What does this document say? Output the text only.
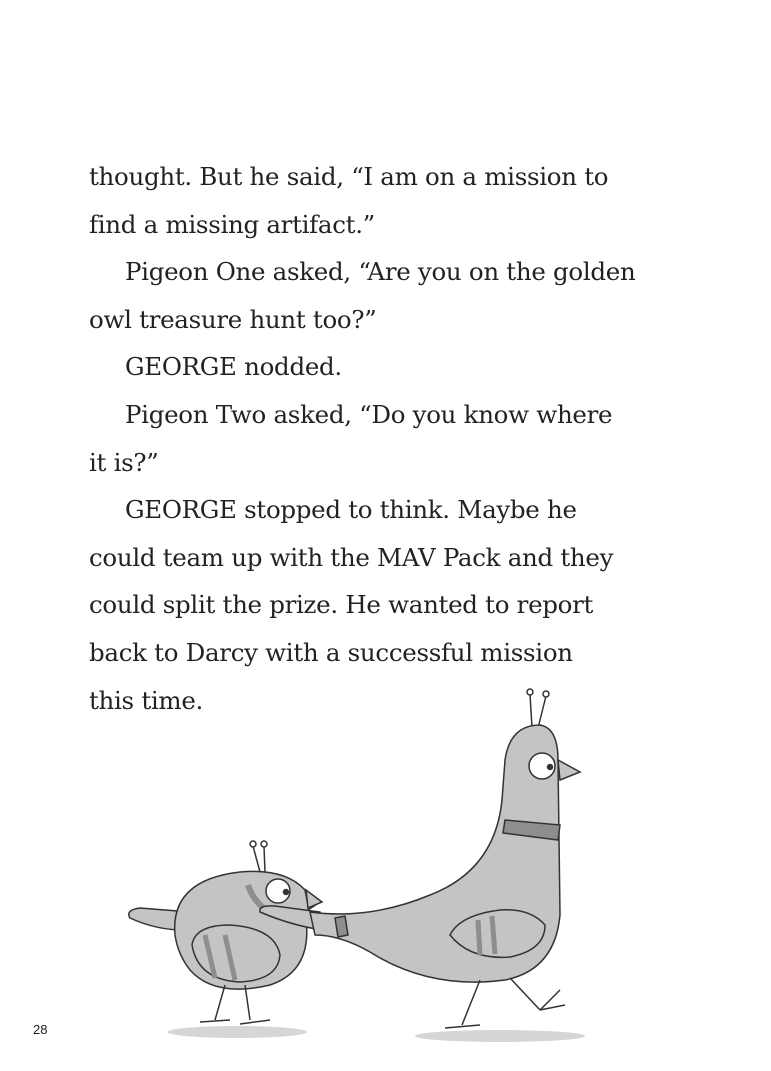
thought. But he said, “I am on a mission to
find a missing artifact.”
Pigeon One asked, “Are you on the golden
owl treasure hunt too?”
GEORGE nodded.
Pigeon Two asked, “Do you know where
it is?”
GEORGE stopped to think. Maybe he
could team up with the MAV Pack and they
could split the prize. He wanted to report
back to Darcy with a successful mission
this time.
28
